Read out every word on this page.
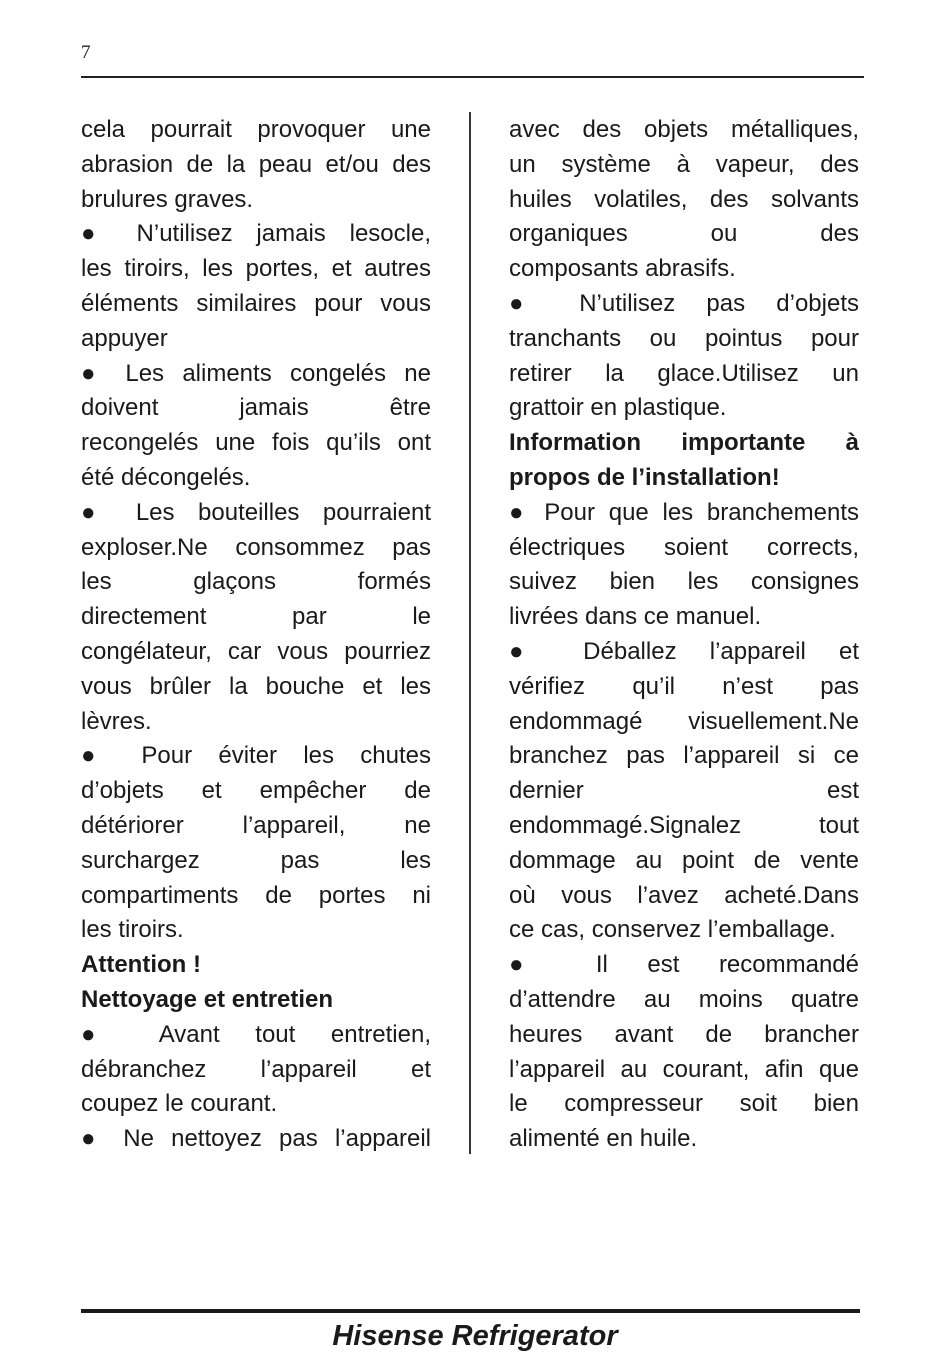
7
cela pourrait provoquer une
abrasion de la peau et/ou des
brulures graves.
● N’utilisez jamais lesocle,
les tiroirs, les portes, et autres
éléments similaires pour vous
appuyer
● Les aliments congelés ne
doivent jamais être
recongelés une fois qu’ils ont
été décongelés.
● Les bouteilles pourraient
exploser.Ne consommez pas
les glaçons formés
directement par le
congélateur, car vous pourriez
vous brûler la bouche et les
lèvres.
● Pour éviter les chutes
d’objets et empêcher de
détériorer l’appareil, ne
surchargez pas les
compartiments de portes ni
les tiroirs.
Attention !
Nettoyage et entretien
● Avant tout entretien,
débranchez l’appareil et
coupez le courant.
● Ne nettoyez pas l’appareil
avec des objets métalliques,
un système à vapeur, des
huiles volatiles, des solvants
organiques ou des
composants abrasifs.
● N’utilisez pas d’objets
tranchants ou pointus pour
retirer la glace.Utilisez un
grattoir en plastique.
Information importante à
propos de l’installation!
● Pour que les branchements
électriques soient corrects,
suivez bien les consignes
livrées dans ce manuel.
● Déballez l’appareil et
vérifiez qu’il n’est pas
endommagé visuellement.Ne
branchez pas l’appareil si ce
dernier est
endommagé.Signalez tout
dommage au point de vente
où vous l’avez acheté.Dans
ce cas, conservez l’emballage.
● Il est recommandé
d’attendre au moins quatre
heures avant de brancher
l’appareil au courant, afin que
le compresseur soit bien
alimenté en huile.
Hisense Refrigerator
